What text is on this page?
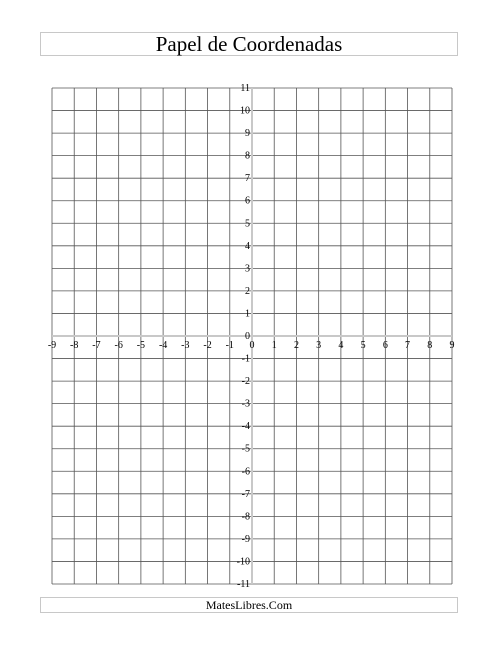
Papel de Coordenadas
-9 -8 -7 -6 -5 -4 -3 -2 -1 0 1 2 3 4 5 6 7 8 9
11
10
9
8
7
6
5
4
3
2
1
0
-1
-2
-3
-4
-5
-6
-7
-8
-9
-10
-11
MatesLibres.Com
